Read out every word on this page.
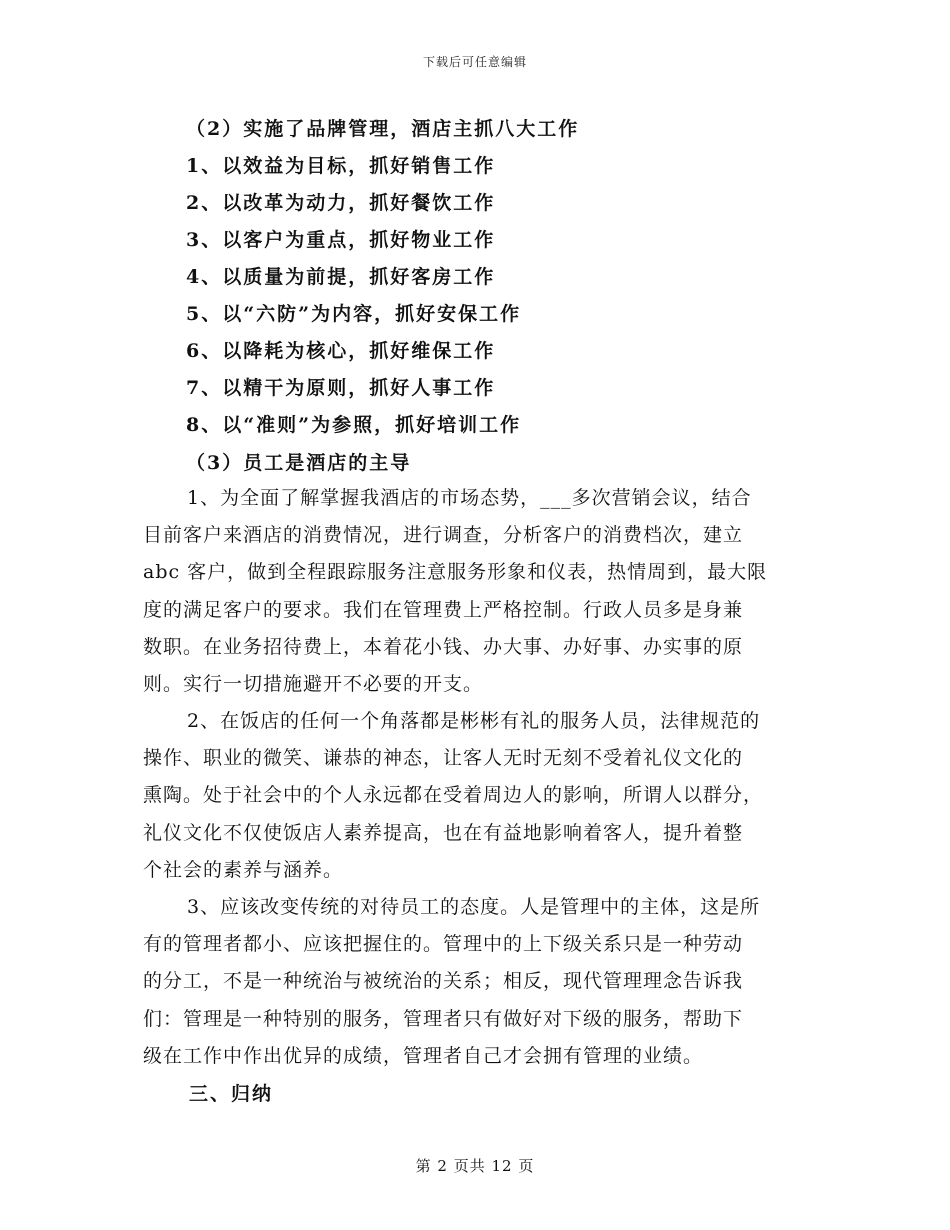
下载后可任意编辑
（2）实施了品牌管理，酒店主抓八大工作
1、以效益为目标，抓好销售工作
2、以改革为动力，抓好餐饮工作
3、以客户为重点，抓好物业工作
4、以质量为前提，抓好客房工作
5、以“六防”为内容，抓好安保工作
6、以降耗为核心，抓好维保工作
7、以精干为原则，抓好人事工作
8、以“准则”为参照，抓好培训工作
（3）员工是酒店的主导
1、为全面了解掌握我酒店的市场态势，___多次营销会议，结合
目前客户来酒店的消费情况，进行调查，分析客户的消费档次，建立
abc 客户，做到全程跟踪服务注意服务形象和仪表，热情周到，最大限
度的满足客户的要求。我们在管理费上严格控制。行政人员多是身兼
数职。在业务招待费上，本着花小钱、办大事、办好事、办实事的原
则。实行一切措施避开不必要的开支。
2、在饭店的任何一个角落都是彬彬有礼的服务人员，法律规范的
操作、职业的微笑、谦恭的神态，让客人无时无刻不受着礼仪文化的
熏陶。处于社会中的个人永远都在受着周边人的影响，所谓人以群分，
礼仪文化不仅使饭店人素养提高，也在有益地影响着客人，提升着整
个社会的素养与涵养。
3、应该改变传统的对待员工的态度。人是管理中的主体，这是所
有的管理者都小、应该把握住的。管理中的上下级关系只是一种劳动
的分工，不是一种统治与被统治的关系；相反，现代管理理念告诉我
们：管理是一种特别的服务，管理者只有做好对下级的服务，帮助下
级在工作中作出优异的成绩，管理者自己才会拥有管理的业绩。
三、归纳
第 2 页共 12 页
